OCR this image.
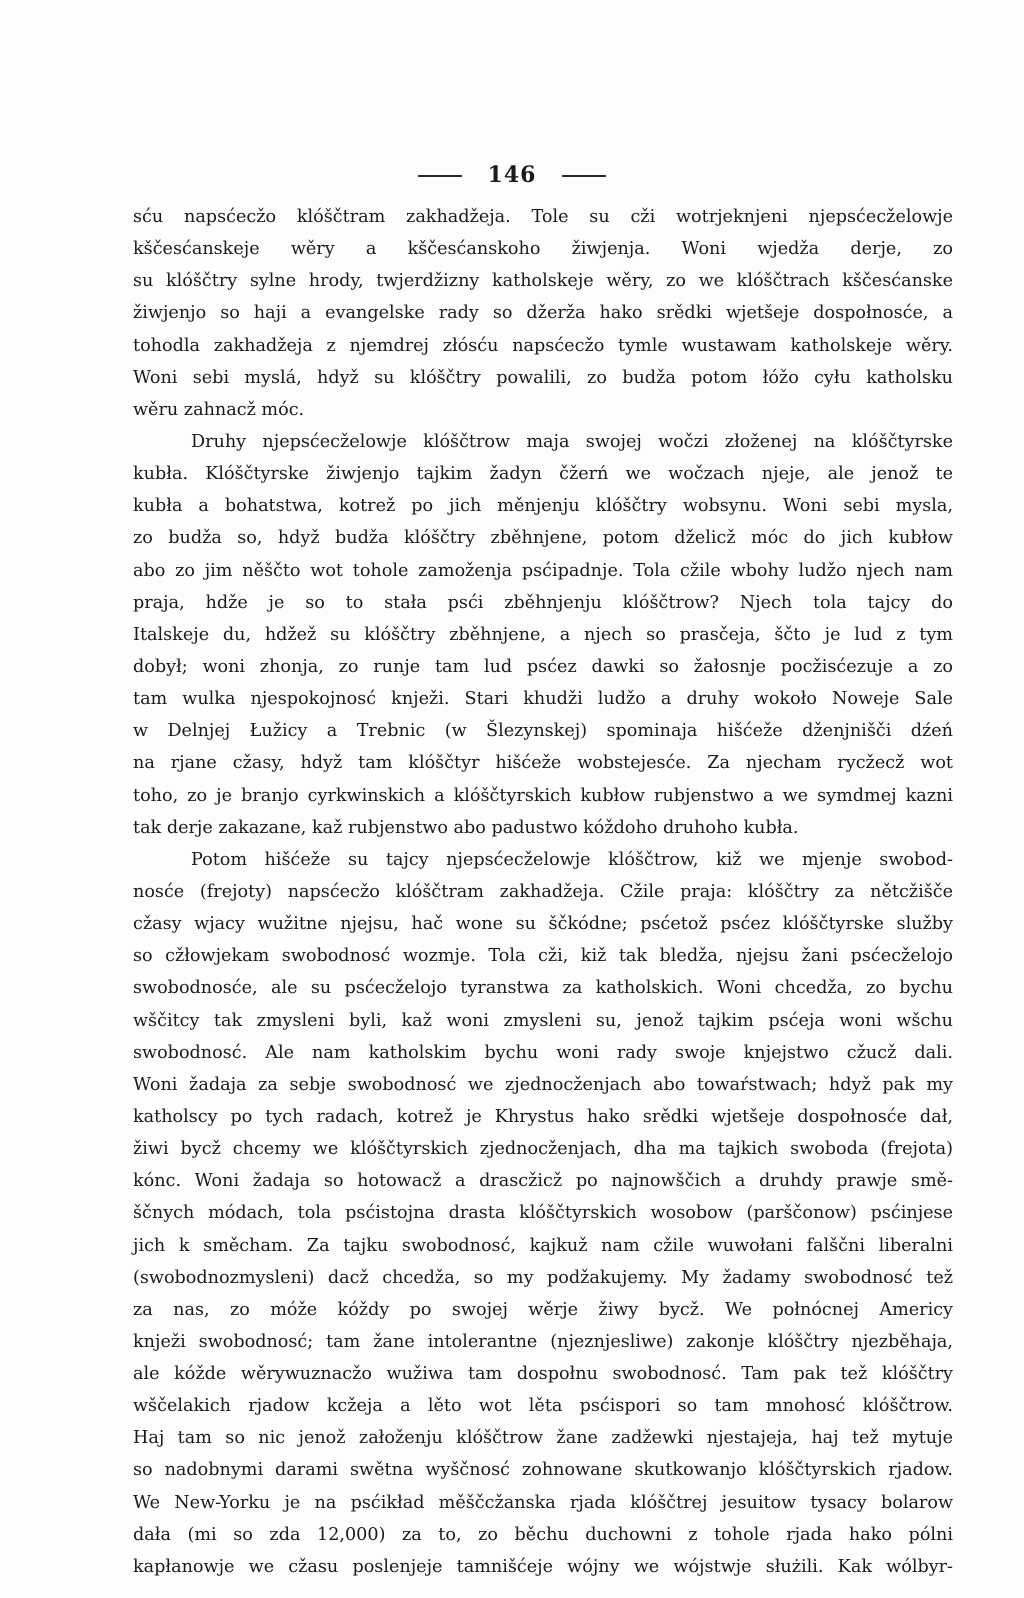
146
sću napsćecžo klóščtram zakhadžeja. Tole su cži wotrjeknjeni njepsćecželowje
kščesćanskeje wěry a kščesćanskoho žiwjenja. Woni wjedža derje, zo
su klóščtry sylne hrody, twjerdžizny katholskeje wěry, zo we klóščtrach kščesćanske
žiwjenjo so haji a evangelske rady so džerža hako srědki wjetšeje dospołnosće, a
tohodla zakhadžeja z njemdrej złósću napsćecžo tymle wustawam katholskeje wěry.
Woni sebi myslá, hdyž su klóščtry powalili, zo budža potom łóžo cyłu katholsku
wěru zahnacž móc.
Druhy njepsćecželowje klóščtrow maja swojej wočzi złoženej na klóščtyrske
kubła. Klóščtyrske žiwjenjo tajkim žadyn čžerń we wočzach njeje, ale jenož te
kubła a bohatstwa, kotrež po jich měnjenju klóščtry wobsynu. Woni sebi mysla,
zo budža so, hdyž budža klóščtry zběhnjene, potom dželicž móc do jich kubłow
abo zo jim něščto wot tohole zamoženja psćipadnje. Tola cžile wbohy ludžo njech nam
praja, hdže je so to stała psći zběhnjenju klóščtrow? Njech tola tajcy do
Italskeje du, hdžež su klóščtry zběhnjene, a njech so prasčeja, ščto je lud z tym
dobył; woni zhonja, zo runje tam lud psćez dawki so žałosnje pocžisćezuje a zo
tam wulka njespokojnosć knježi. Stari khudži ludžo a druhy wokoło Noweje Sale
w Delnjej Łužicy a Trebnic (w Šlezynskej) spominaja hišćeže dženjnišči dźeń
na rjane cžasy, hdyž tam klóščtyr hišćeže wobstejesće. Za njecham rycžecž wot
toho, zo je branjo cyrkwinskich a klóščtyrskich kubłow rubjenstwo a we symdmej kazni
tak derje zakazane, kaž rubjenstwo abo padustwo kóždoho druhoho kubła.
Potom hišćeže su tajcy njepsćecželowje klóščtrow, kiž we mjenje swobod-
nosće (frejoty) napsćecžo klóščtram zakhadžeja. Cžile praja: klóščtry za nětcžišče
cžasy wjacy wužitne njejsu, hač wone su ščkódne; psćetož psćez klóščtyrske služby
so cžłowjekam swobodnosć wozmje. Tola cži, kiž tak bledža, njejsu žani psćecželojo
swobodnosće, ale su psćecželojo tyranstwa za katholskich. Woni chcedža, zo bychu
wščitcy tak zmysleni byli, kaž woni zmysleni su, jenož tajkim psćeja woni wšchu
swobodnosć. Ale nam katholskim bychu woni rady swoje knjejstwo cžucž dali.
Woni žadaja za sebje swobodnosć we zjednocženjach abo towaŕstwach; hdyž pak my
katholscy po tych radach, kotrež je Khrystus hako srědki wjetšeje dospołnosće dał,
žiwi bycž chcemy we klóščtyrskich zjednocženjach, dha ma tajkich swoboda (frejota)
kónc. Woni žadaja so hotowacž a drascžicž po najnowščich a druhdy prawje smě-
ščnych módach, tola psćistojna drasta klóščtyrskich wosobow (parščonow) psćinjese
jich k směcham. Za tajku swobodnosć, kajkuž nam cžile wuwołani falščni liberalni
(swobodnozmysleni) dacž chcedža, so my podžakujemy. My žadamy swobodnosć tež
za nas, zo móže kóždy po swojej wěrje žiwy bycž. We połnócnej Americy
knježi swobodnosć; tam žane intolerantne (njeznjesliwe) zakonje klóščtry njezběhaja,
ale kóžde wěrywuznacžo wužiwa tam dospołnu swobodnosć. Tam pak tež klóščtry
wščelakich rjadow kcžeja a lěto wot lěta psćispori so tam mnohosć klóščtrow.
Haj tam so nic jenož załoženju klóščtrow žane zadžewki njestajeja, haj tež mytuje
so nadobnymi darami swětna wyščnosć zohnowane skutkowanjo klóščtyrskich rjadow.
We New-Yorku je na psćikład měščcžanska rjada klóščtrej jesuitow tysacy bolarow
dała (mi so zda 12,000) za to, zo běchu duchowni z tohole rjada hako pólni
kapłanowje we cžasu poslenjeje tamnišćeje wójny we wójstwje służili. Kak wólbyr-
